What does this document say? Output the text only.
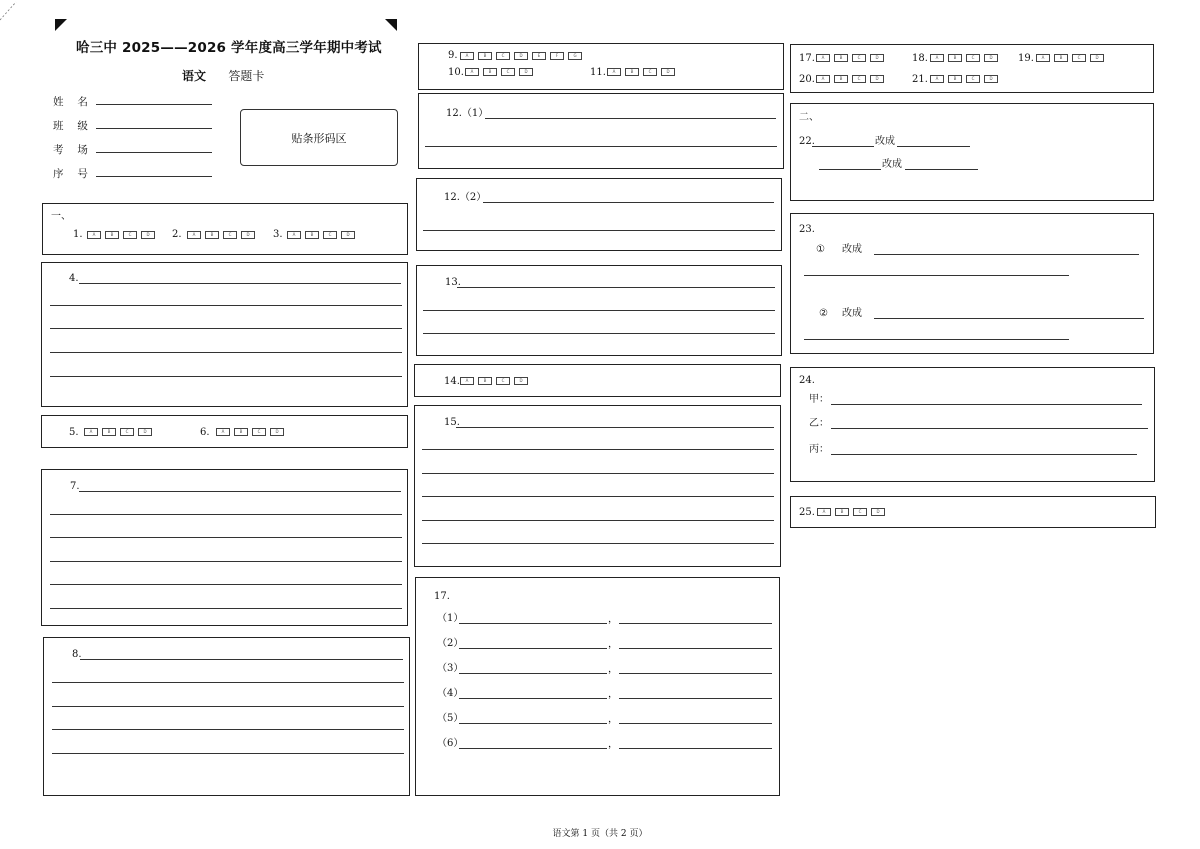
哈三中 2025——2026 学年度高三学年期中考试
语文 答题卡
姓　 名
班　 级
考　 场
序　 号
贴条形码区
一、
1.	A	B	C	D	2.	A	B	C	D	3.	A	B	C	D
4.
5.	A	B	C	D	6.	A	B	C	D
7.
8.
9.	A	B	C	D	E	F	G
10.	A	B	C	D	11.	A	B	C	D
12.（1）
12.（2）
13.
14.	A	B	C	D
15.
17.
（1）	，
（2）	，
（3）	，
（4）	，
（5）	，
（6）	，
17.	A	B	C	D	18.	A	B	C	D	19.	A	B	C	D
20.	A	B	C	D	21.	A	B	C	D
二、
22.	改成
改成
23.
① 改成
② 改成
24.
甲：
乙：
丙：
25.	A	B	C	D
语文第 1 页（共 2 页）
